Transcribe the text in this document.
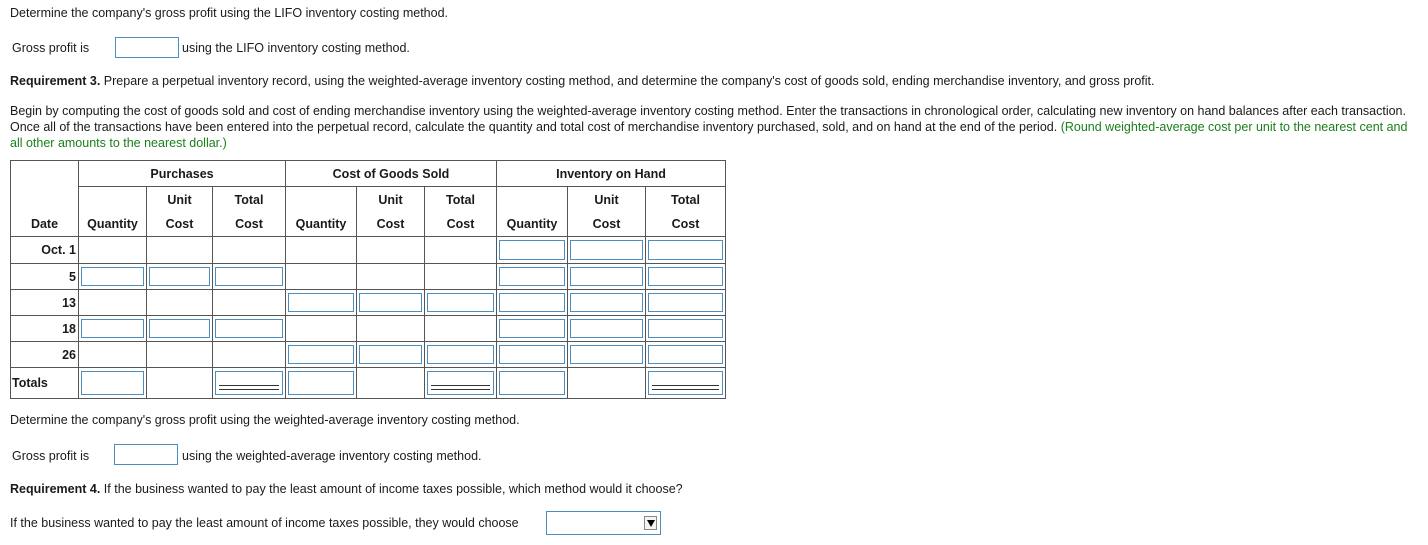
Determine the company's gross profit using the LIFO inventory costing method.
Gross profit is	using the LIFO inventory costing method.
Requirement 3. Prepare a perpetual inventory record, using the weighted-average inventory costing method, and determine the company's cost of goods sold, ending merchandise inventory, and gross profit.
Begin by computing the cost of goods sold and cost of ending merchandise inventory using the weighted-average inventory costing method. Enter the transactions in chronological order, calculating new inventory on hand balances after each transaction. Once all of the transactions have been entered into the perpetual record, calculate the quantity and total cost of merchandise inventory purchased, sold, and on hand at the end of the period. (Round weighted-average cost per unit to the nearest cent and all other amounts to the nearest dollar.)
	Purchases			Cost of Goods Sold			Inventory on Hand		
		Unit	Total		Unit	Total		Unit	Total
Date	Quantity	Cost	Cost	Quantity	Cost	Cost	Quantity	Cost	Cost
Oct. 1							

5	

13				

18	

26				

Totals	

Determine the company's gross profit using the weighted-average inventory costing method.
Gross profit is	using the weighted-average inventory costing method.
Requirement 4. If the business wanted to pay the least amount of income taxes possible, which method would it choose?
If the business wanted to pay the least amount of income taxes possible, they would choose
